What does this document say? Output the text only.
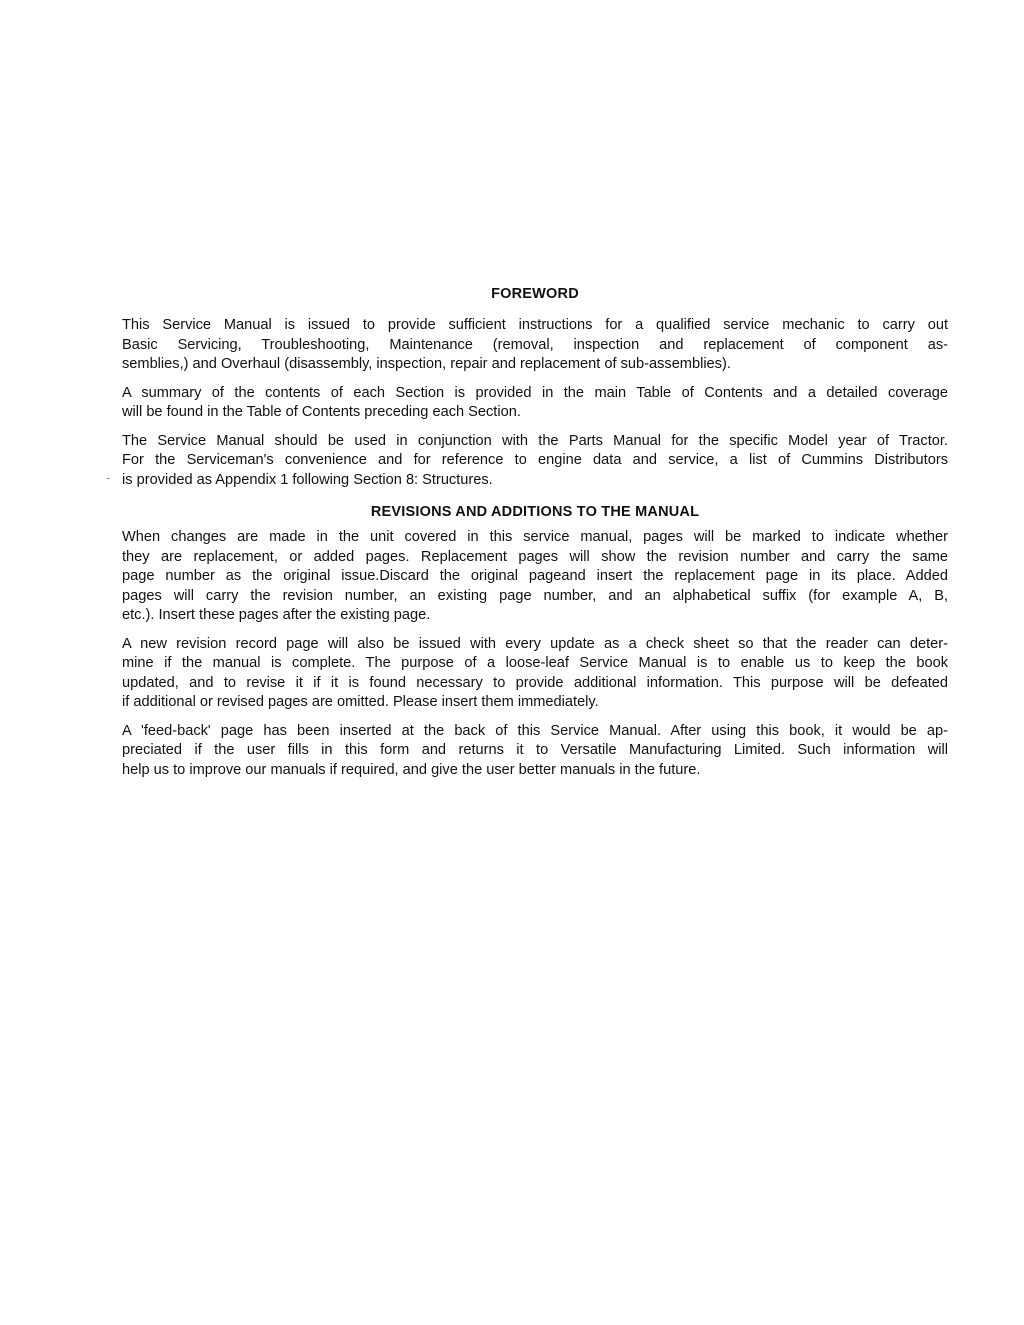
FOREWORD

This Service Manual is issued to provide sufficient instructions for a qualified service mechanic to carry out
Basic Servicing, Troubleshooting, Maintenance (removal, inspection and replacement of component as-
semblies,) and Overhaul (disassembly, inspection, repair and replacement of sub-assemblies).

A summary of the contents of each Section is provided in the main Table of Contents and a detailed coverage
will be found in the Table of Contents preceding each Section.

The Service Manual should be used in conjunction with the Parts Manual for the specific Model year of Tractor.
For the Serviceman's convenience and for reference to engine data and service, a list of Cummins Distributors
is provided as Appendix 1 following Section 8: Structures.

REVISIONS AND ADDITIONS TO THE MANUAL

When changes are made in the unit covered in this service manual, pages will be marked to indicate whether
they are replacement, or added pages. Replacement pages will show the revision number and carry the same
page number as the original issue.Discard the original pageand insert the replacement page in its place. Added
pages will carry the revision number, an existing page number, and an alphabetical suffix (for example A, B,
etc.). Insert these pages after the existing page.

A new revision record page will also be issued with every update as a check sheet so that the reader can deter-
mine if the manual is complete. The purpose of a loose-leaf Service Manual is to enable us to keep the book
updated, and to revise it if it is found necessary to provide additional information. This purpose will be defeated
if additional or revised pages are omitted. Please insert them immediately.

A 'feed-back' page has been inserted at the back of this Service Manual. After using this book, it would be ap-
preciated if the user fills in this form and returns it to Versatile Manufacturing Limited. Such information will
help us to improve our manuals if required, and give the user better manuals in the future.
